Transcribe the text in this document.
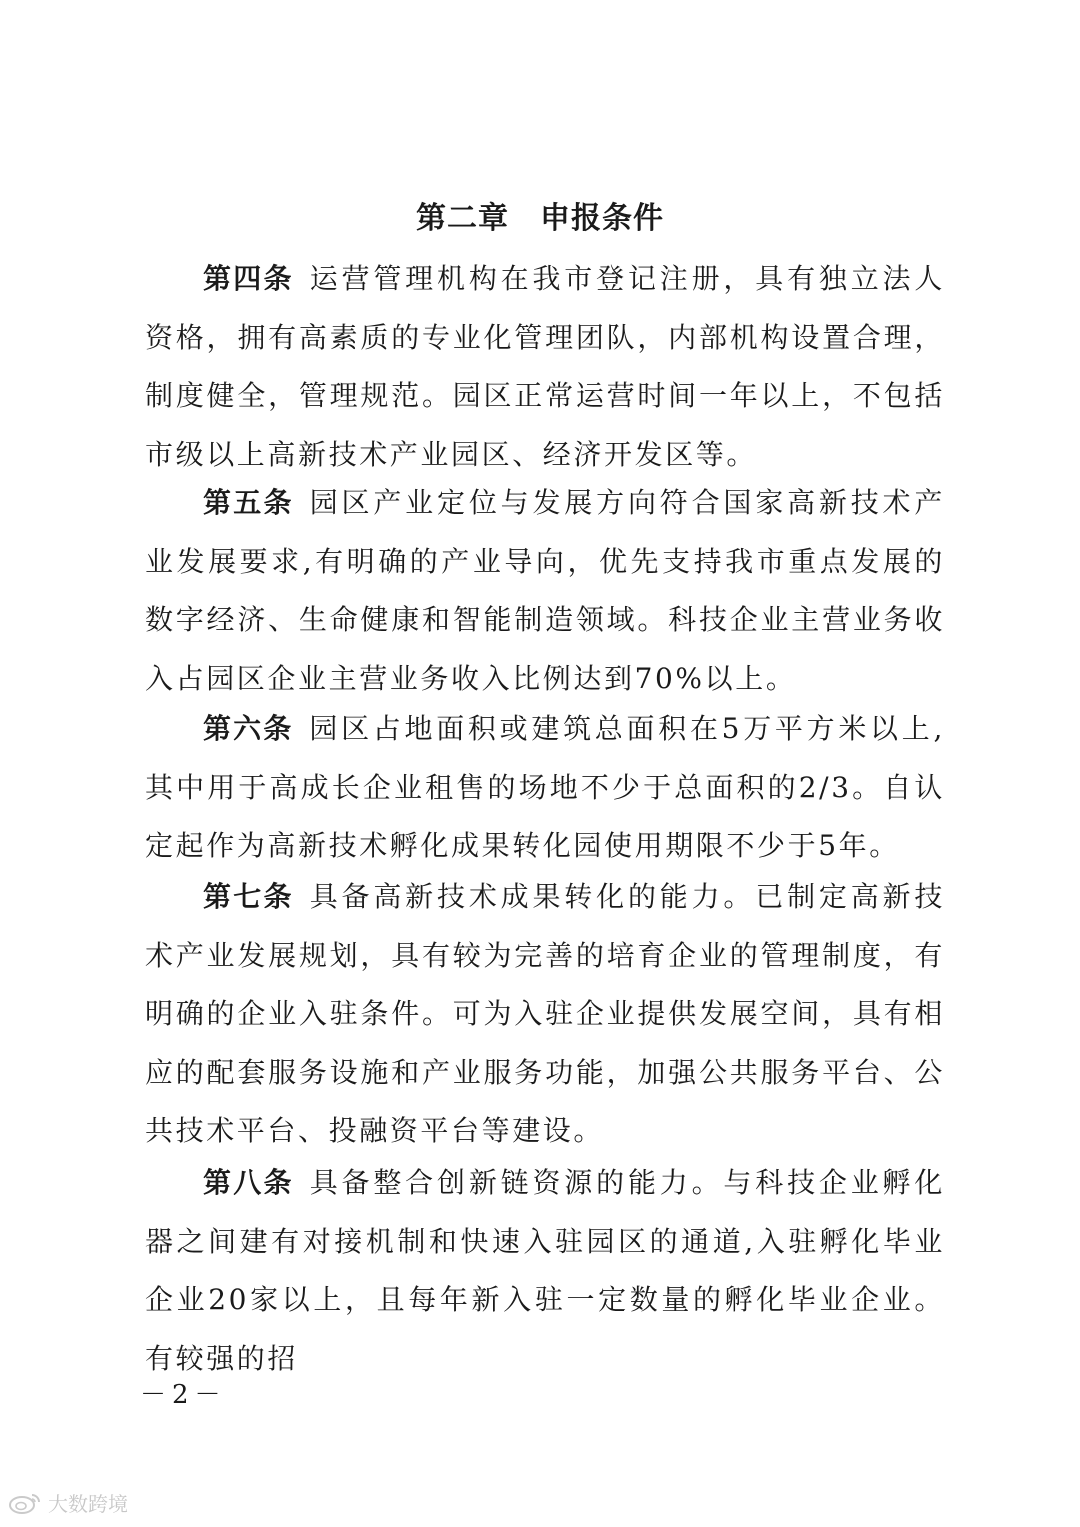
第二章　申报条件

第四条 运营管理机构在我市登记注册，具有独立法人资格，拥有高素质的专业化管理团队，内部机构设置合理，制度健全，管理规范。园区正常运营时间一年以上，不包括市级以上高新技术产业园区、经济开发区等。

第五条 园区产业定位与发展方向符合国家高新技术产业发展要求,有明确的产业导向，优先支持我市重点发展的数字经济、生命健康和智能制造领域。科技企业主营业务收入占园区企业主营业务收入比例达到70%以上。

第六条 园区占地面积或建筑总面积在5万平方米以上,其中用于高成长企业租售的场地不少于总面积的2/3。自认定起作为高新技术孵化成果转化园使用期限不少于5年。

第七条 具备高新技术成果转化的能力。已制定高新技术产业发展规划，具有较为完善的培育企业的管理制度，有明确的企业入驻条件。可为入驻企业提供发展空间，具有相应的配套服务设施和产业服务功能，加强公共服务平台、公共技术平台、投融资平台等建设。

第八条 具备整合创新链资源的能力。与科技企业孵化器之间建有对接机制和快速入驻园区的通道,入驻孵化毕业企业20家以上，且每年新入驻一定数量的孵化毕业企业。有较强的招

－2－
大数跨境
